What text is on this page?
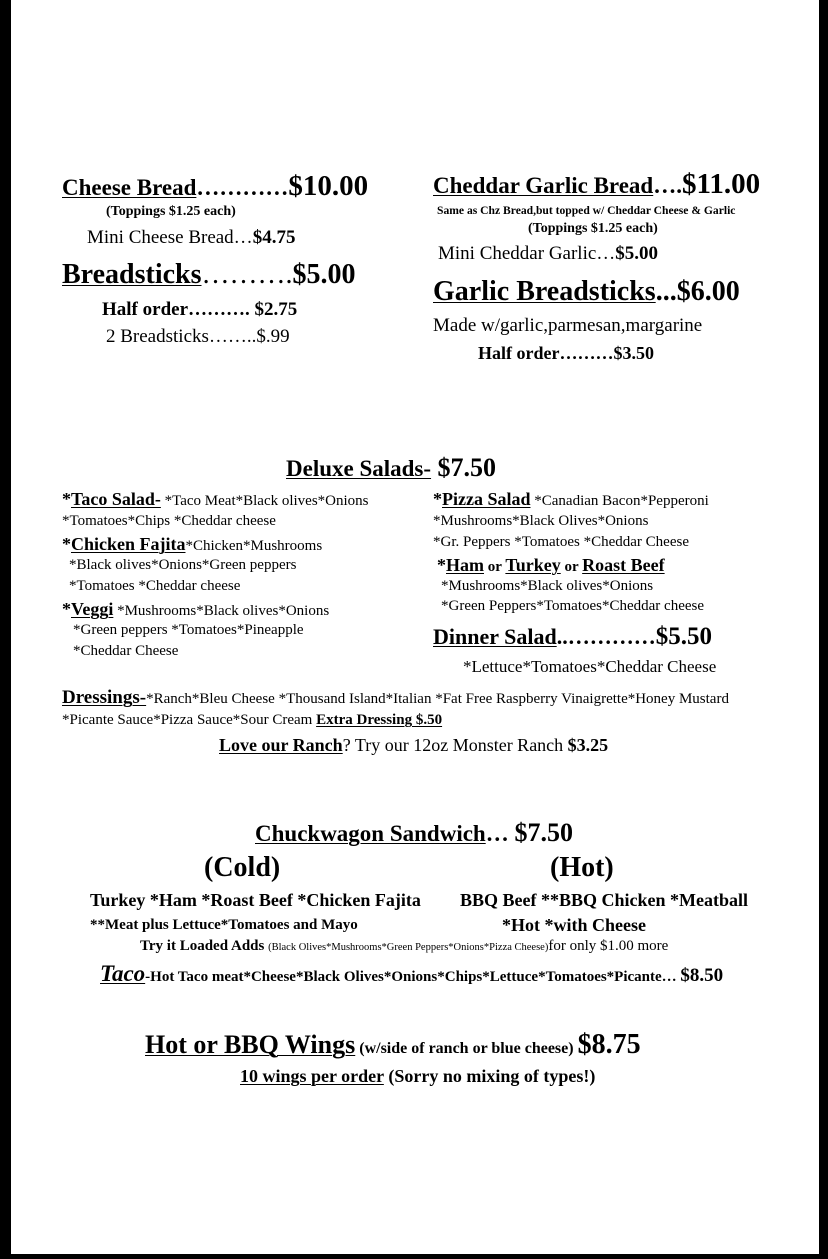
Cheese Bread…………$10.00
(Toppings $1.25 each)
Mini Cheese Bread…$4.75
Breadsticks……….$5.00
Half order………. $2.75
2 Breadsticks……..$.99
Cheddar Garlic Bread….$11.00
Same as Chz Bread,but topped w/ Cheddar Cheese & Garlic
(Toppings $1.25 each)
Mini Cheddar Garlic…$5.00
Garlic Breadsticks...$6.00
Made w/garlic,parmesan,margarine
Half order………$3.50
Deluxe Salads- $7.50
*Taco Salad- *Taco Meat*Black olives*Onions
*Tomatoes*Chips *Cheddar cheese
*Chicken Fajita*Chicken*Mushrooms
*Black olives*Onions*Green peppers
*Tomatoes *Cheddar cheese
*Veggi *Mushrooms*Black olives*Onions
*Green peppers *Tomatoes*Pineapple
*Cheddar Cheese
*Pizza Salad *Canadian Bacon*Pepperoni
*Mushrooms*Black Olives*Onions
*Gr. Peppers *Tomatoes *Cheddar Cheese
*Ham or Turkey or Roast Beef
*Mushrooms*Black olives*Onions
*Green Peppers*Tomatoes*Cheddar cheese
Dinner Salad..…………$5.50
*Lettuce*Tomatoes*Cheddar Cheese
Dressings-*Ranch*Bleu Cheese *Thousand Island*Italian *Fat Free Raspberry Vinaigrette*Honey Mustard
*Picante Sauce*Pizza Sauce*Sour Cream Extra Dressing $.50
Love our Ranch? Try our 12oz Monster Ranch $3.25
Chuckwagon Sandwich… $7.50
(Cold)	(Hot)
Turkey *Ham *Roast Beef *Chicken Fajita BBQ Beef **BBQ Chicken *Meatball
**Meat plus Lettuce*Tomatoes and Mayo	*Hot *with Cheese
Try it Loaded Adds (Black Olives*Mushrooms*Green Peppers*Onions*Pizza Cheese)for only $1.00 more
Taco-Hot Taco meat*Cheese*Black Olives*Onions*Chips*Lettuce*Tomatoes*Picante… $8.50
Hot or BBQ Wings (w/side of ranch or blue cheese) $8.75
10 wings per order (Sorry no mixing of types!)
